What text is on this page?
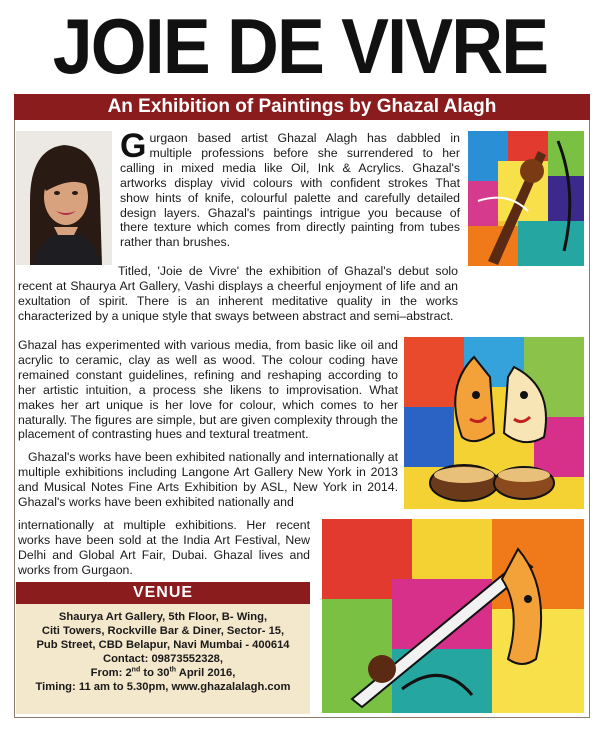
JOIE DE VIVRE
An Exhibition of Paintings by Ghazal Alagh
Gurgaon based artist Ghazal Alagh has dabbled in multiple professions before she surrendered to her calling in mixed media like Oil, Ink & Acrylics. Ghazal's artworks display vivid colours with confident strokes That show hints of knife, colourful palette and carefully detailed design layers. Ghazal's paintings intrigue you because of there texture which comes from directly painting from tubes rather than brushes.
Titled, 'Joie de Vivre' the exhibition of Ghazal's debut solo recent at Shaurya Art Gallery, Vashi displays a cheerful enjoyment of life and an exultation of spirit. There is an inherent meditative quality in the works characterized by a unique style that sways between abstract and semi–abstract.
Ghazal has experimented with various media, from basic like oil and acrylic to ceramic, clay as well as wood. The colour coding have remained constant guidelines, refining and reshaping according to her artistic intuition, a process she likens to improvisation. What makes her art unique is her love for colour, which comes to her naturally. The figures are simple, but are given complexity through the placement of contrasting hues and textural treatment.
Ghazal's works have been exhibited nationally and internationally at multiple exhibitions including Langone Art Gallery New York in 2013 and Musical Notes Fine Arts Exhibition by ASL, New York in 2014. Ghazal's works have been exhibited nationally and
internationally at multiple exhibitions. Her recent works have been sold at the India Art Festival, New Delhi and Global Art Fair, Dubai. Ghazal lives and works from Gurgaon.
VENUE
Shaurya Art Gallery, 5th Floor, B- Wing,
Citi Towers, Rockville Bar & Diner, Sector- 15,
Pub Street, CBD Belapur, Navi Mumbai - 400614
Contact: 09873552328,
From: 2nd to 30th April 2016,
Timing: 11 am to 5.30pm, www.ghazalalagh.com
